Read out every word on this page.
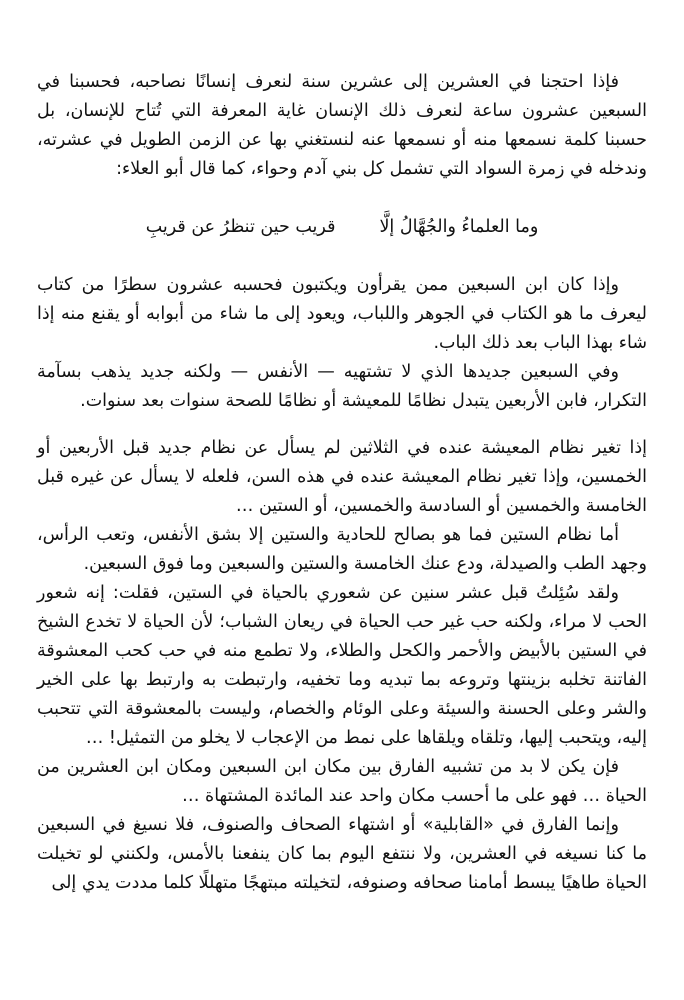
فإذا احتجنا في العشرين إلى عشرين سنة لنعرف إنسانًا نصاحبه، فحسبنا في السبعين عشرون ساعة لنعرف ذلك الإنسان غاية المعرفة التي تُتاح للإنسان، بل حسبنا كلمة نسمعها منه أو نسمعها عنه لنستغني بها عن الزمن الطويل في عشرته، وندخله في زمرة السواد التي تشمل كل بني آدم وحواء، كما قال أبو العلاء:

وما العلماءُ والجُهَّالُ إلَّا
قريب حين تنظرُ عن قريبِ

وإذا كان ابن السبعين ممن يقرأون ويكتبون فحسبه عشرون سطرًا من كتاب ليعرف ما هو الكتاب في الجوهر واللباب، ويعود إلى ما شاء من أبوابه أو يقنع منه إذا شاء بهذا الباب بعد ذلك الباب.

وفي السبعين جديدها الذي لا تشتهيه — الأنفس — ولكنه جديد يذهب بسآمة التكرار، فابن الأربعين يتبدل نظامًا للمعيشة أو نظامًا للصحة سنوات بعد سنوات.

إذا تغير نظام المعيشة عنده في الثلاثين لم يسأل عن نظام جديد قبل الأربعين أو الخمسين، وإذا تغير نظام المعيشة عنده في هذه السن، فلعله لا يسأل عن غيره قبل الخامسة والخمسين أو السادسة والخمسين، أو الستين …

أما نظام الستين فما هو بصالح للحادية والستين إلا بشق الأنفس، وتعب الرأس، وجهد الطب والصيدلة، ودع عنك الخامسة والستين والسبعين وما فوق السبعين.

ولقد سُئِلتُ قبل عشر سنين عن شعوري بالحياة في الستين، فقلت: إنه شعور الحب لا مراء، ولكنه حب غير حب الحياة في ريعان الشباب؛ لأن الحياة لا تخدع الشيخ في الستين بالأبيض والأحمر والكحل والطلاء، ولا تطمع منه في حب كحب المعشوقة الفاتنة تخلبه بزينتها وتروعه بما تبديه وما تخفيه، وارتبطت به وارتبط بها على الخير والشر وعلى الحسنة والسيئة وعلى الوئام والخصام، وليست بالمعشوقة التي تتحبب إليه، ويتحبب إليها، وتلقاه ويلقاها على نمط من الإعجاب لا يخلو من التمثيل! …

فإن يكن لا بد من تشبيه الفارق بين مكان ابن السبعين ومكان ابن العشرين من الحياة … فهو على ما أحسب مكان واحد عند المائدة المشتهاة …

وإنما الفارق في «القابلية» أو اشتهاء الصحاف والصنوف، فلا نسيغ في السبعين ما كنا نسيغه في العشرين، ولا ننتفع اليوم بما كان ينفعنا بالأمس، ولكنني لو تخيلت الحياة طاهيًا يبسط أمامنا صحافه وصنوفه، لتخيلته مبتهجًا متهللًا كلما مددت يدي إلى
